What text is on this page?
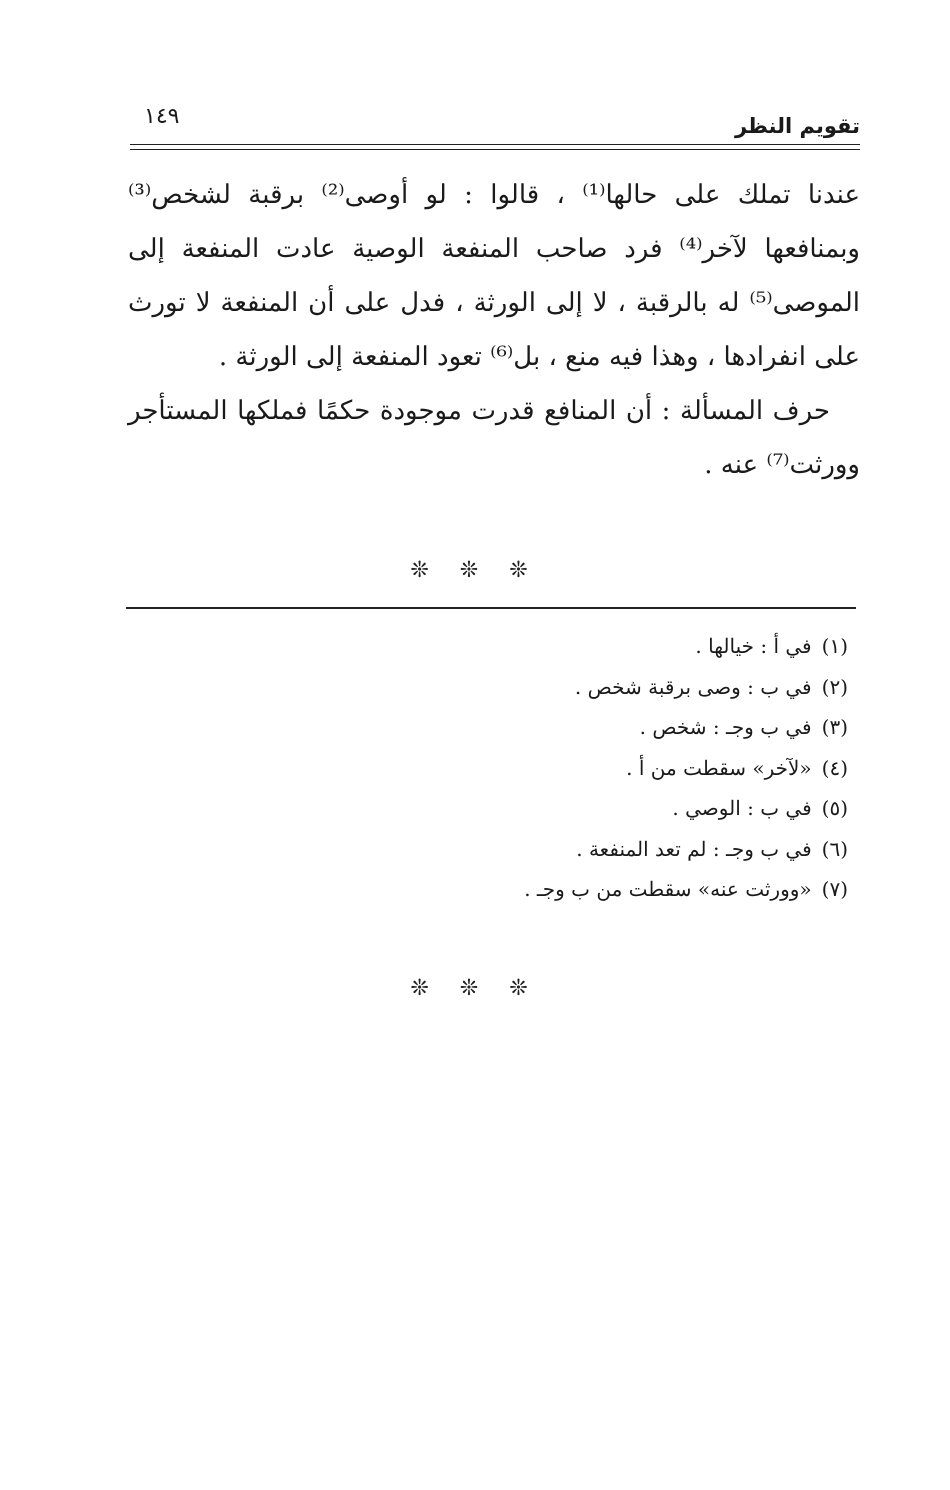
تقويم النظر
١٤٩

عندنا تملك على حالها⁽¹⁾ ، قالوا : لو أوصى⁽²⁾ برقبة لشخص⁽³⁾ وبمنافعها لآخر⁽⁴⁾ فرد صاحب المنفعة الوصية عادت المنفعة إلى الموصى⁽⁵⁾ له بالرقبة ، لا إلى الورثة ، فدل على أن المنفعة لا تورث على انفرادها ، وهذا فيه منع ، بل⁽⁶⁾ تعود المنفعة إلى الورثة .

حرف المسألة : أن المنافع قدرت موجودة حكمًا فملكها المستأجر وورثت⁽⁷⁾ عنه .

❊ ❊ ❊
(١)في أ : خيالها .
(٢)في ب : وصى برقبة شخص .
(٣)في ب وجـ : شخص .
(٤)«لآخر» سقطت من أ .
(٥)في ب : الوصي .
(٦)في ب وجـ : لم تعد المنفعة .
(٧)«وورثت عنه» سقطت من ب وجـ .
❊ ❊ ❊
